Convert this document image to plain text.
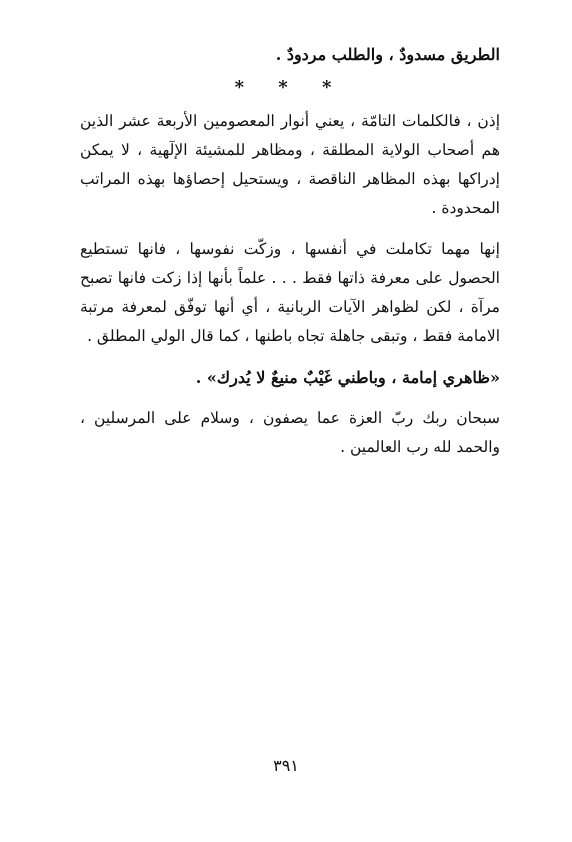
الطريق مسدودٌ ، والطلب مردودٌ .

* * *

إذن ، فالكلمات التامّة ، يعني أنوار المعصومين الأربعة عشر الذين هم أصحاب الولاية المطلقة ، ومظاهر للمشيئة الإلٓهية ، لا يمكن إدراكها بهذه المظاهر الناقصة ، ويستحيل إحصاؤها بهذه المراتب المحدودة .

إنها مهما تكاملت في أنفسها ، وزكّت نفوسها ، فانها تستطيع الحصول على معرفة ذاتها فقط . . . علماً بأنها إذا زكت فانها تصبح مرآة ، لكن لظواهر الآيات الربانية ، أي أنها توفّق لمعرفة مرتبة الامامة فقط ، وتبقى جاهلة تجاه باطنها ، كما قال الولي المطلق .

«ظاهري إمامة ، وباطني غَيْبٌ منيعٌ لا يُدرك» .

سبحان ربك ربّ العزة عما يصفون ، وسلام على المرسلين ، والحمد لله رب العالمين .

٣٩١
